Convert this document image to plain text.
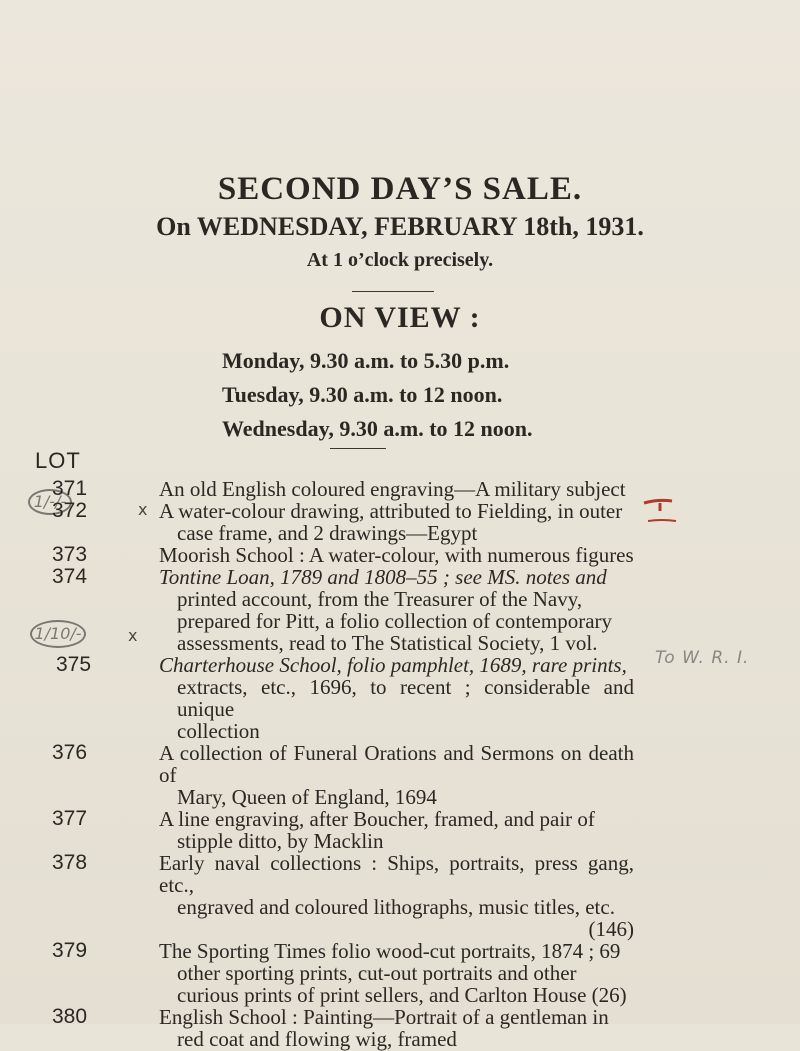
SECOND DAY’S SALE.
On WEDNESDAY, FEBRUARY 18th, 1931.
At 1 o’clock precisely.
ON VIEW :
Monday, 9.30 a.m. to 5.30 p.m.
Tuesday, 9.30 a.m. to 12 noon.
Wednesday, 9.30 a.m. to 12 noon.
LOT
1/-/-	x
1/10/-	x
To W. R. I.
371	An old English coloured engraving—A military subject
372	A water-colour drawing, attributed to Fielding, in outer
case frame, and 2 drawings—Egypt
373	Moorish School : A water-colour, with numerous figures
374	Tontine Loan, 1789 and 1808–55 ; see MS. notes and
printed account, from the Treasurer of the Navy,
prepared for Pitt, a folio collection of contemporary
assessments, read to The Statistical Society, 1 vol.
375	Charterhouse School, folio pamphlet, 1689, rare prints,
extracts, etc., 1696, to recent ; considerable and unique
collection
376	A collection of Funeral Orations and Sermons on death of
Mary, Queen of England, 1694
377	A line engraving, after Boucher, framed, and pair of
stipple ditto, by Macklin
378	Early naval collections : Ships, portraits, press gang, etc.,
engraved and coloured lithographs, music titles, etc.
(146)
379	The Sporting Times folio wood-cut portraits, 1874 ; 69
other sporting prints, cut-out portraits and other
curious prints of print sellers, and Carlton House (26)
380	English School : Painting—Portrait of a gentleman in
red coat and flowing wig, framed
